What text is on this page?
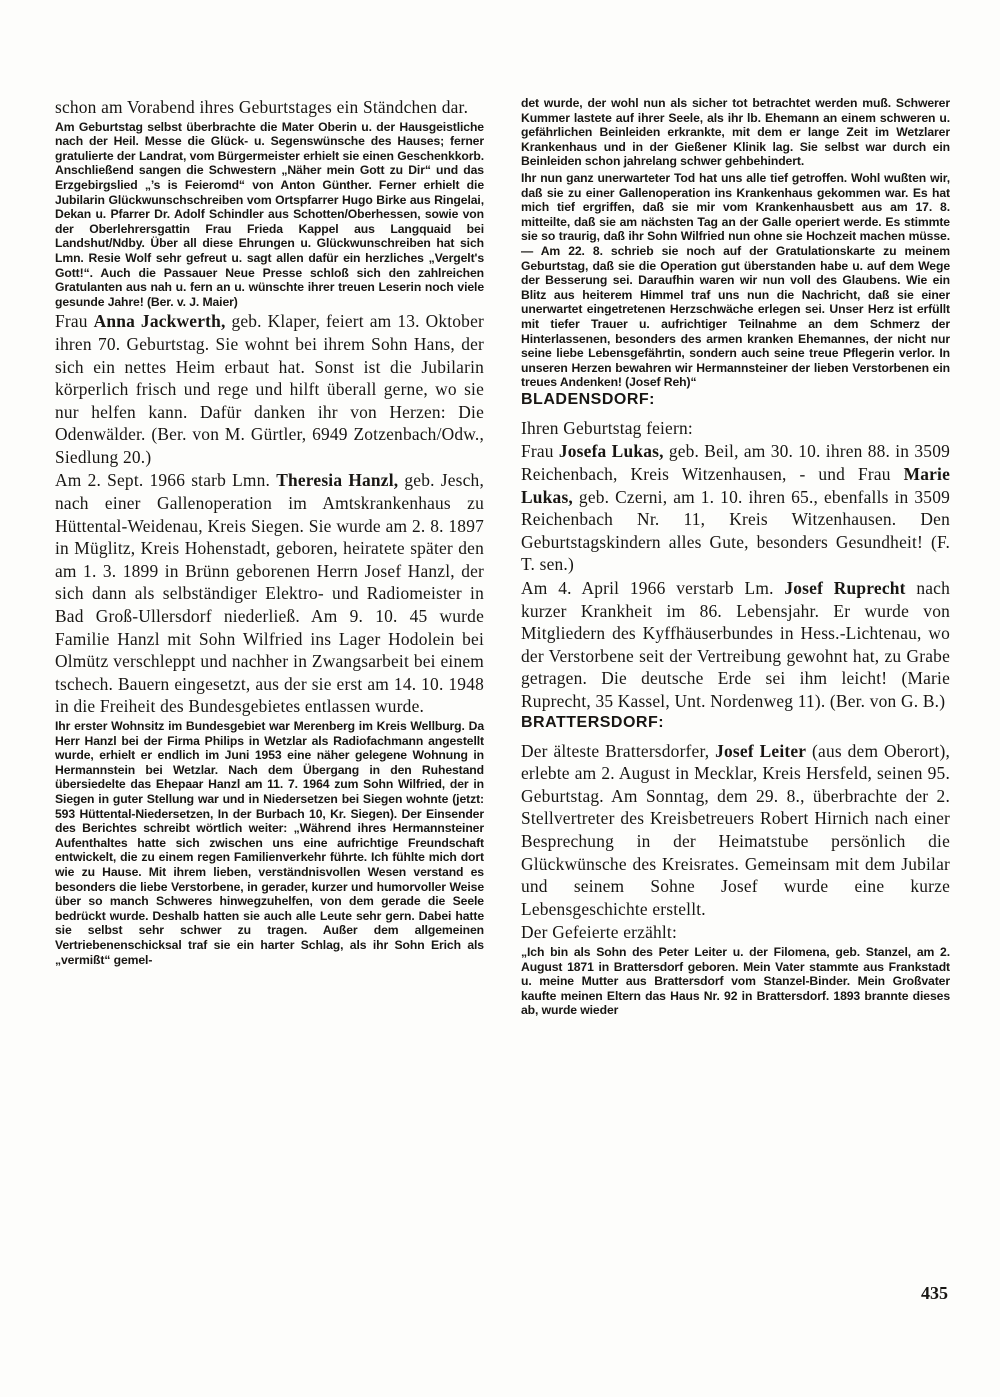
schon am Vorabend ihres Geburtstages ein Ständchen dar.

Am Geburtstag selbst überbrachte die Mater Oberin u. der Hausgeistliche nach der Heil. Messe die Glück- u. Segenswünsche des Hauses; ferner gratulierte der Landrat, vom Bürgermeister erhielt sie einen Geschenkkorb. Anschließend sangen die Schwestern „Näher mein Gott zu Dir“ und das Erzgebirgslied „’s is Feieromd“ von Anton Günther. Ferner erhielt die Jubilarin Glückwunschschreiben vom Ortspfarrer Hugo Birke aus Ringelai, Dekan u. Pfarrer Dr. Adolf Schindler aus Schotten/Oberhessen, sowie von der Oberlehrersgattin Frau Frieda Kappel aus Langquaid bei Landshut/Ndby. Über all diese Ehrungen u. Glückwunschreiben hat sich Lmn. Resie Wolf sehr gefreut u. sagt allen dafür ein herzliches „Vergelt's Gott!“. Auch die Passauer Neue Presse schloß sich den zahlreichen Gratulanten aus nah u. fern an u. wünschte ihrer treuen Leserin noch viele gesunde Jahre! (Ber. v. J. Maier)

Frau Anna Jackwerth, geb. Klaper, feiert am 13. Oktober ihren 70. Geburtstag. Sie wohnt bei ihrem Sohn Hans, der sich ein nettes Heim erbaut hat. Sonst ist die Jubilarin körperlich frisch und rege und hilft überall gerne, wo sie nur helfen kann. Dafür danken ihr von Herzen: Die Odenwälder. (Ber. von M. Gürtler, 6949 Zotzenbach/Odw., Siedlung 20.)

Am 2. Sept. 1966 starb Lmn. Theresia Hanzl, geb. Jesch, nach einer Gallenoperation im Amtskrankenhaus zu Hüttental-Weidenau, Kreis Siegen. Sie wurde am 2. 8. 1897 in Müglitz, Kreis Hohenstadt, geboren, heiratete später den am 1. 3. 1899 in Brünn geborenen Herrn Josef Hanzl, der sich dann als selbständiger Elektro- und Radiomeister in Bad Groß-Ullersdorf niederließ. Am 9. 10. 45 wurde Familie Hanzl mit Sohn Wilfried ins Lager Hodolein bei Olmütz verschleppt und nachher in Zwangsarbeit bei einem tschech. Bauern eingesetzt, aus der sie erst am 14. 10. 1948 in die Freiheit des Bundesgebietes entlassen wurde.

Ihr erster Wohnsitz im Bundesgebiet war Merenberg im Kreis Wellburg. Da Herr Hanzl bei der Firma Philips in Wetzlar als Radiofachmann angestellt wurde, erhielt er endlich im Juni 1953 eine näher gelegene Wohnung in Hermannstein bei Wetzlar. Nach dem Übergang in den Ruhestand übersiedelte das Ehepaar Hanzl am 11. 7. 1964 zum Sohn Wilfried, der in Siegen in guter Stellung war und in Niedersetzen bei Siegen wohnte (jetzt: 593 Hüttental-Niedersetzen, In der Burbach 10, Kr. Siegen). Der Einsender des Berichtes schreibt wörtlich weiter: „Während ihres Hermannsteiner Aufenthaltes hatte sich zwischen uns eine aufrichtige Freundschaft entwickelt, die zu einem regen Familienverkehr führte. Ich fühlte mich dort wie zu Hause. Mit ihrem lieben, verständnisvollen Wesen verstand es besonders die liebe Verstorbene, in gerader, kurzer und humorvoller Weise über so manch Schweres hinwegzuhelfen, von dem gerade die Seele bedrückt wurde. Deshalb hatten sie auch alle Leute sehr gern. Dabei hatte sie selbst sehr schwer zu tragen. Außer dem allgemeinen Vertriebenenschicksal traf sie ein harter Schlag, als ihr Sohn Erich als „vermißt“ gemel-

det wurde, der wohl nun als sicher tot betrachtet werden muß. Schwerer Kummer lastete auf ihrer Seele, als ihr lb. Ehemann an einem schweren u. gefährlichen Beinleiden erkrankte, mit dem er lange Zeit im Wetzlarer Krankenhaus und in der Gießener Klinik lag. Sie selbst war durch ein Beinleiden schon jahrelang schwer gehbehindert.

Ihr nun ganz unerwarteter Tod hat uns alle tief getroffen. Wohl wußten wir, daß sie zu einer Gallenoperation ins Krankenhaus gekommen war. Es hat mich tief ergriffen, daß sie mir vom Krankenhausbett aus am 17. 8. mitteilte, daß sie am nächsten Tag an der Galle operiert werde. Es stimmte sie so traurig, daß ihr Sohn Wilfried nun ohne sie Hochzeit machen müsse. — Am 22. 8. schrieb sie noch auf der Gratulationskarte zu meinem Geburtstag, daß sie die Operation gut überstanden habe u. auf dem Wege der Besserung sei. Daraufhin waren wir nun voll des Glaubens. Wie ein Blitz aus heiterem Himmel traf uns nun die Nachricht, daß sie einer unerwartet eingetretenen Herzschwäche erlegen sei. Unser Herz ist erfüllt mit tiefer Trauer u. aufrichtiger Teilnahme an dem Schmerz der Hinterlassenen, besonders des armen kranken Ehemannes, der nicht nur seine liebe Lebensgefährtin, sondern auch seine treue Pflegerin verlor. In unseren Herzen bewahren wir Hermannsteiner der lieben Verstorbenen ein treues Andenken! (Josef Reh)“

BLADENSDORF:

Ihren Geburtstag feiern:

Frau Josefa Lukas, geb. Beil, am 30. 10. ihren 88. in 3509 Reichenbach, Kreis Witzenhausen, - und Frau Marie Lukas, geb. Czerni, am 1. 10. ihren 65., ebenfalls in 3509 Reichenbach Nr. 11, Kreis Witzenhausen. Den Geburtstagskindern alles Gute, besonders Gesundheit! (F. T. sen.)

Am 4. April 1966 verstarb Lm. Josef Ruprecht nach kurzer Krankheit im 86. Lebensjahr. Er wurde von Mitgliedern des Kyffhäuserbundes in Hess.-Lichtenau, wo der Verstorbene seit der Vertreibung gewohnt hat, zu Grabe getragen. Die deutsche Erde sei ihm leicht! (Marie Ruprecht, 35 Kassel, Unt. Nordenweg 11). (Ber. von G. B.)

BRATTERSDORF:

Der älteste Brattersdorfer, Josef Leiter (aus dem Oberort), erlebte am 2. August in Mecklar, Kreis Hersfeld, seinen 95. Geburtstag. Am Sonntag, dem 29. 8., überbrachte der 2. Stellvertreter des Kreisbetreuers Robert Hirnich nach einer Besprechung in der Heimatstube persönlich die Glückwünsche des Kreisrates. Gemeinsam mit dem Jubilar und seinem Sohne Josef wurde eine kurze Lebensgeschichte erstellt.

Der Gefeierte erzählt:

„Ich bin als Sohn des Peter Leiter u. der Filomena, geb. Stanzel, am 2. August 1871 in Brattersdorf geboren. Mein Vater stammte aus Frankstadt u. meine Mutter aus Brattersdorf vom Stanzel-Binder. Mein Großvater kaufte meinen Eltern das Haus Nr. 92 in Brattersdorf. 1893 brannte dieses ab, wurde wieder

435
